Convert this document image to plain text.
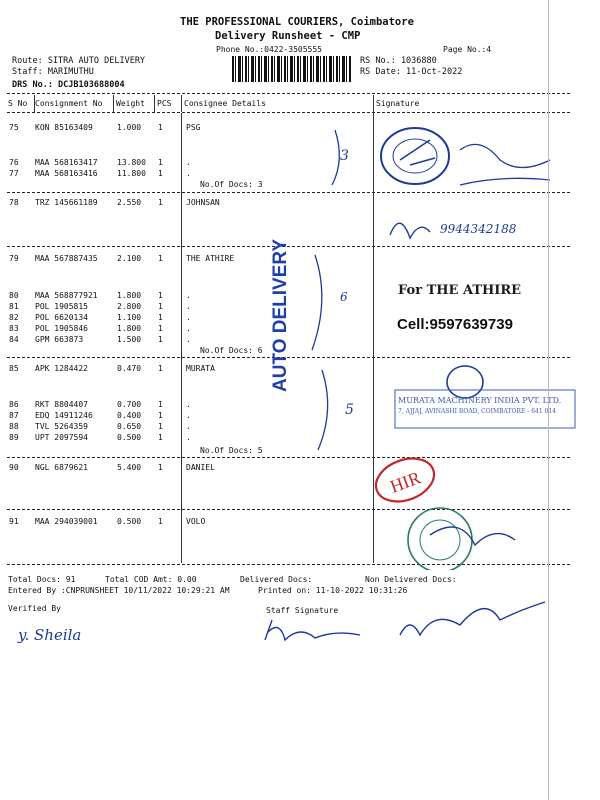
THE PROFESSIONAL COURIERS, Coimbatore
Delivery Runsheet - CMP
Phone No.:0422-3505555	Page No.:4
Route: SITRA AUTO DELIVERY
Staff: MARIMUTHU
DRS No.: DCJB103688004
RS No.: 1036880
RS Date: 11-Oct-2022
S No Consignment No Weight PCS Consignee Details	Signature
75 KON 85163409	1.000 1	PSG
76 MAA 568163417 13.800 1	.
77 MAA 568163416 11.800 1	.
No.Of Docs: 3
78 TRZ 145661189 2.550 1	JOHNSAN
79 MAA 567887435 2.100 1	THE ATHIRE
80 MAA 568877921 1.800 1	.
81 POL 1905815	2.800 1	.
82 POL 6620134	1.100 1	.
83 POL 1905846	1.800 1	.
84 GPM 663873	1.500 1	.
No.Of Docs: 6
85 APK 1284422	0.470 1	MURATA
86 RKT 8804407	0.700 1	.
87 EDQ 14911246	0.400 1	.
88 TVL 5264359	0.650 1	.
89 UPT 2097594	0.500 1	.
No.Of Docs: 5
90 NGL 6879621	5.400 1	DANIEL
91 MAA 294039001 0.500 1	VOLO
AUTO DELIVERY
3
6
5
9944342188
For THE ATHIRE
Cell:9597639739
MURATA MACHINERY INDIA PVT. LTD.
7, AJJAJ, AVINASHI ROAD, COIMBATORE - 641 014
HIR
Total Docs: 91	Total COD Amt: 0.00	Delivered Docs:	Non Delivered Docs:
Entered By :CNPRUNSHEET 10/11/2022 10:29:21 AM	Printed on: 11-10-2022 10:31:26
Verified By	Staff Signature
y. Sheila
